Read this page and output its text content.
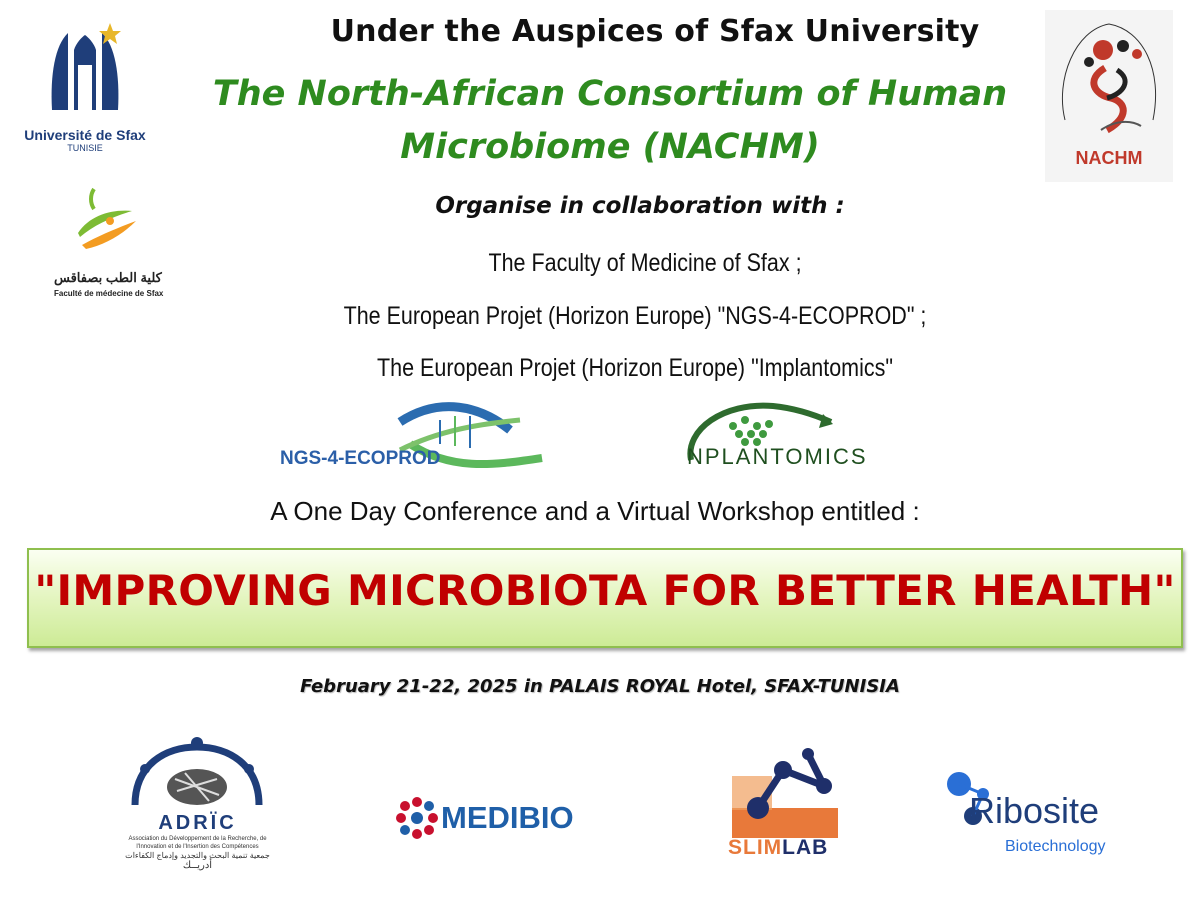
Under the Auspices of Sfax University
The North-African Consortium of Human
Microbiome (NACHM)
Organise in collaboration with :
The Faculty of Medicine of Sfax ;
The European Projet (Horizon Europe) "NGS-4-ECOPROD" ;
The European Projet (Horizon Europe) "Implantomics"
Université de Sfax
TUNISIE
كلية الطب بصفاقس
Faculté de médecine de Sfax
NACHM
NGS-4-ECOPROD	NPLANTOMICS
A One Day Conference and a Virtual Workshop entitled :
"IMPROVING MICROBIOTA FOR BETTER HEALTH"
February 21-22, 2025 in PALAIS ROYAL Hotel, SFAX-TUNISIA
ADRÏC
Association du Développement de la Recherche, de l'Innovation et de l'Insertion des Compétences
جمعية تنمية البحث والتجديد وإدماج الكفاءات
أدريــك
MEDIBIO
SLIMLAB
Ribosite
Biotechnology
